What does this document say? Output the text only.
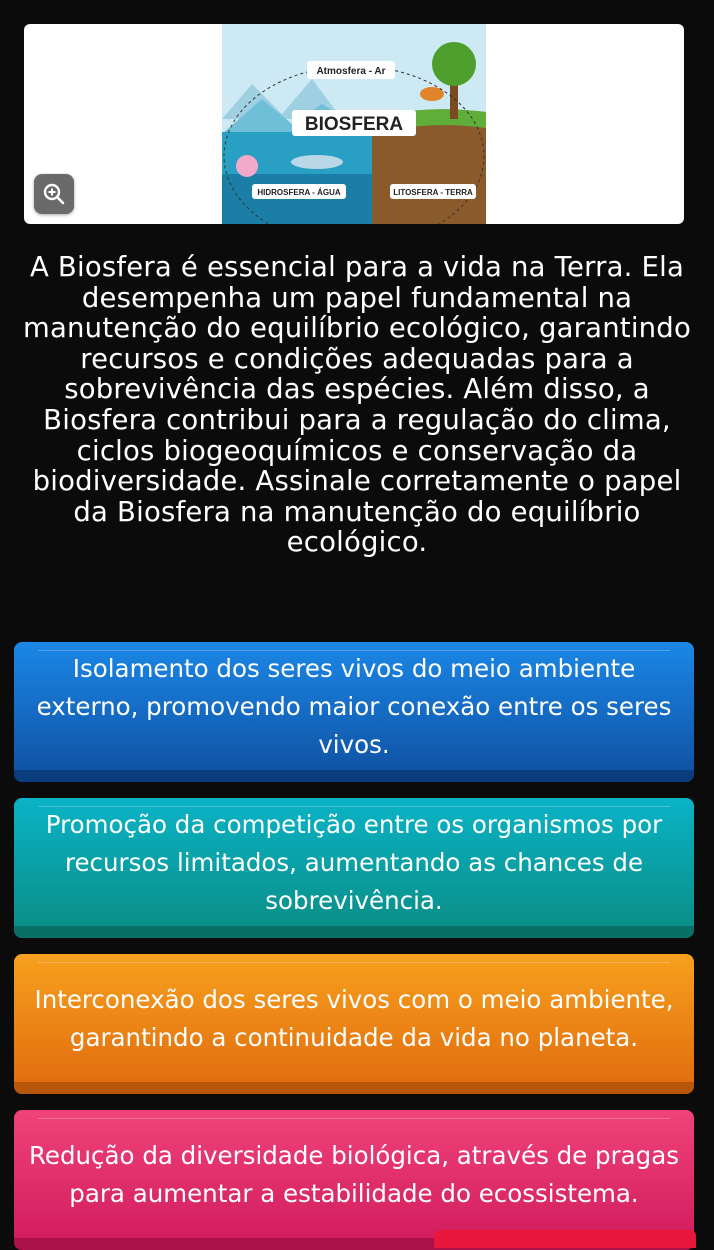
Atmosfera - Ar
BIOSFERA
HIDROSFERA - ÁGUA	LITOSFERA - TERRA
A Biosfera é essencial para a vida na Terra. Ela desempenha um papel fundamental na manutenção do equilíbrio ecológico, garantindo recursos e condições adequadas para a sobrevivência das espécies. Além disso, a Biosfera contribui para a regulação do clima, ciclos biogeoquímicos e conservação da biodiversidade. Assinale corretamente o papel da Biosfera na manutenção do equilíbrio ecológico.
Isolamento dos seres vivos do meio ambiente externo, promovendo maior conexão entre os seres vivos.
Promoção da competição entre os organismos por recursos limitados, aumentando as chances de sobrevivência.
Interconexão dos seres vivos com o meio ambiente, garantindo a continuidade da vida no planeta.
Redução da diversidade biológica, através de pragas para aumentar a estabilidade do ecossistema.
